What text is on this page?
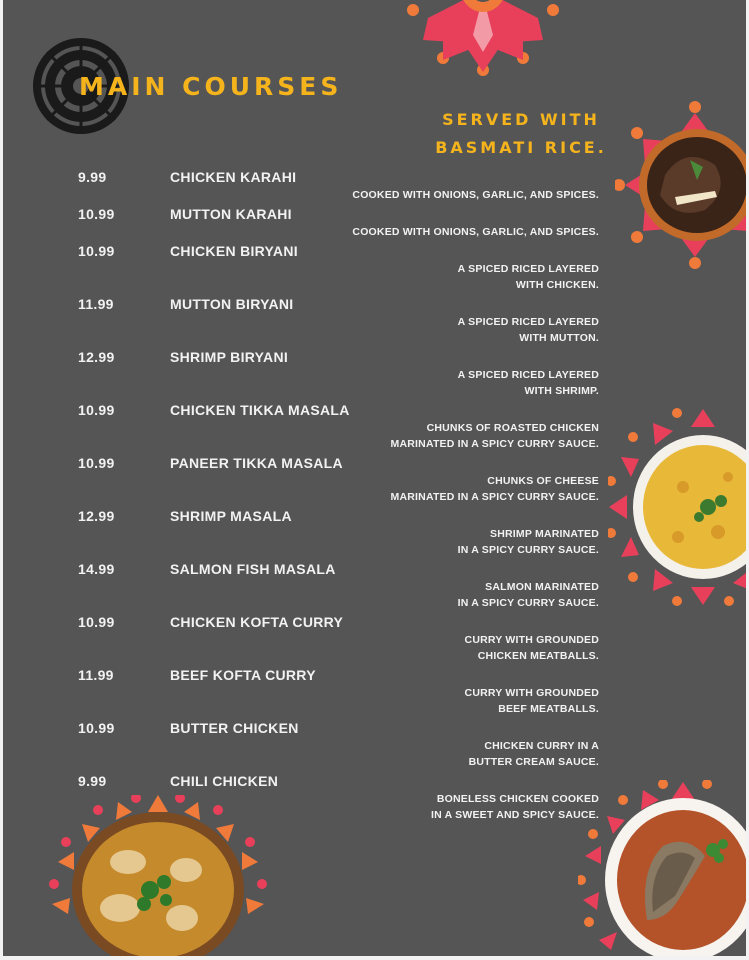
MAIN COURSES
SERVED WITH
BASMATI RICE.
9.99	CHICKEN KARAHI
COOKED WITH ONIONS, GARLIC, AND SPICES.
10.99	MUTTON KARAHI
COOKED WITH ONIONS, GARLIC, AND SPICES.
10.99	CHICKEN BIRYANI
A SPICED RICED LAYERED
WITH CHICKEN.
11.99	MUTTON BIRYANI
A SPICED RICED LAYERED
WITH MUTTON.
12.99	SHRIMP BIRYANI
A SPICED RICED LAYERED
WITH SHRIMP.
10.99	CHICKEN TIKKA MASALA
CHUNKS OF ROASTED CHICKEN
MARINATED IN A SPICY CURRY SAUCE.
10.99	PANEER TIKKA MASALA
CHUNKS OF CHEESE
MARINATED IN A SPICY CURRY SAUCE.
12.99	SHRIMP MASALA
SHRIMP MARINATED
IN A SPICY CURRY SAUCE.
14.99	SALMON FISH MASALA
SALMON MARINATED
IN A SPICY CURRY SAUCE.
10.99	CHICKEN KOFTA CURRY
CURRY WITH GROUNDED
CHICKEN MEATBALLS.
11.99	BEEF KOFTA CURRY
CURRY WITH GROUNDED
BEEF MEATBALLS.
10.99	BUTTER CHICKEN
CHICKEN CURRY IN A
BUTTER CREAM SAUCE.
9.99	CHILI CHICKEN
BONELESS CHICKEN COOKED
IN A SWEET AND SPICY SAUCE.
